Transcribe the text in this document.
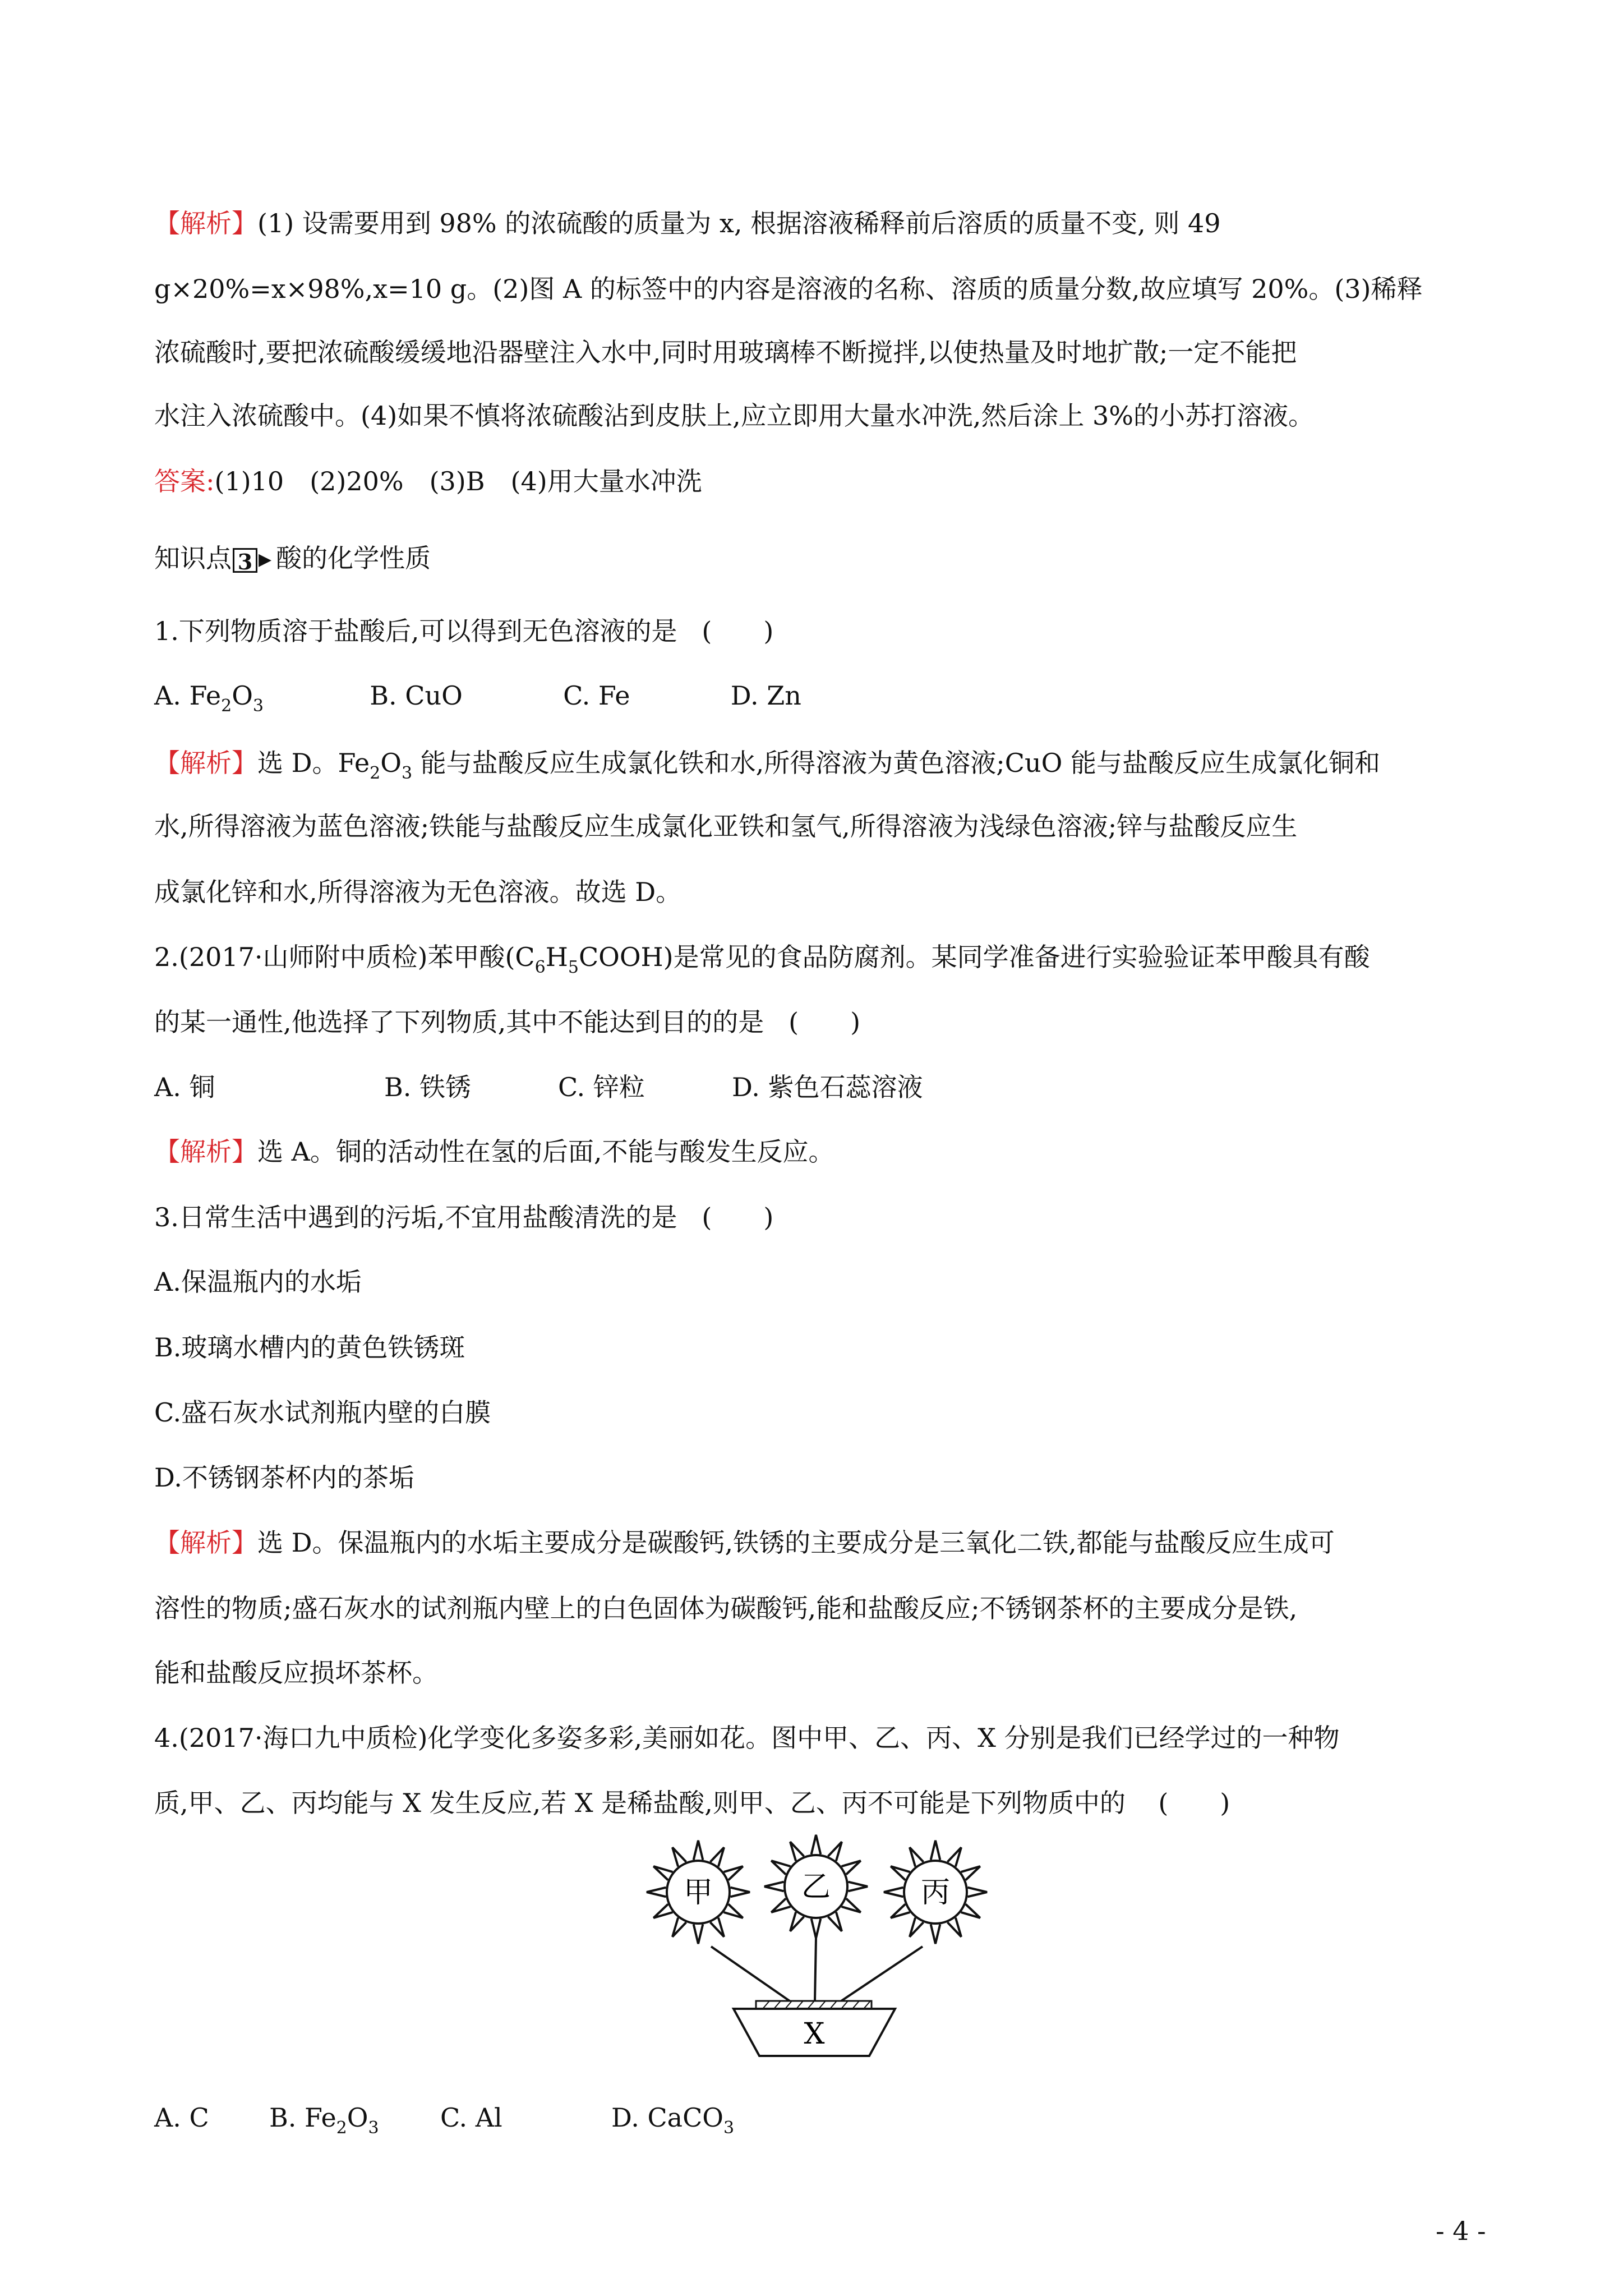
【解析】(1) 设需要用到 98% 的浓硫酸的质量为 x, 根据溶液稀释前后溶质的质量不变, 则 49
g×20%=x×98%,x=10 g。(2)图 A 的标签中的内容是溶液的名称、溶质的质量分数,故应填写 20%。(3)稀释
浓硫酸时,要把浓硫酸缓缓地沿器壁注入水中,同时用玻璃棒不断搅拌,以使热量及时地扩散;一定不能把
水注入浓硫酸中。(4)如果不慎将浓硫酸沾到皮肤上,应立即用大量水冲洗,然后涂上 3%的小苏打溶液。
答案:(1)10　(2)20%　(3)B　(4)用大量水冲洗
知识点 3 ▶ 酸的化学性质
1.下列物质溶于盐酸后,可以得到无色溶液的是 (　　)
A. $Fe_2O_3$	B. CuO	C. Fe	D. Zn
【解析】选 D。$Fe_2O_3$ 能与盐酸反应生成氯化铁和水,所得溶液为黄色溶液;CuO 能与盐酸反应生成氯化铜和
水,所得溶液为蓝色溶液;铁能与盐酸反应生成氯化亚铁和氢气,所得溶液为浅绿色溶液;锌与盐酸反应生
成氯化锌和水,所得溶液为无色溶液。故选 D。
2.(2017·山师附中质检)苯甲酸$(C_6H_5COOH)$是常见的食品防腐剂。某同学准备进行实验验证苯甲酸具有酸
的某一通性,他选择了下列物质,其中不能达到目的的是 (　　)
A. 铜	B. 铁锈	C. 锌粒	D. 紫色石蕊溶液
【解析】选 A。铜的活动性在氢的后面,不能与酸发生反应。
3.日常生活中遇到的污垢,不宜用盐酸清洗的是 (　　)
A.保温瓶内的水垢
B.玻璃水槽内的黄色铁锈斑
C.盛石灰水试剂瓶内壁的白膜
D.不锈钢茶杯内的茶垢
【解析】选 D。保温瓶内的水垢主要成分是碳酸钙,铁锈的主要成分是三氧化二铁,都能与盐酸反应生成可
溶性的物质;盛石灰水的试剂瓶内壁上的白色固体为碳酸钙,能和盐酸反应;不锈钢茶杯的主要成分是铁,
能和盐酸反应损坏茶杯。
4.(2017·海口九中质检)化学变化多姿多彩,美丽如花。图中甲、乙、丙、X 分别是我们已经学过的一种物
质,甲、乙、丙均能与 X 发生反应,若 X 是稀盐酸,则甲、乙、丙不可能是下列物质中的 (　　)
甲	乙	丙
X
A. C B. $Fe_2O_3$ C. Al	D. CaCO$_3$
- 4 -
